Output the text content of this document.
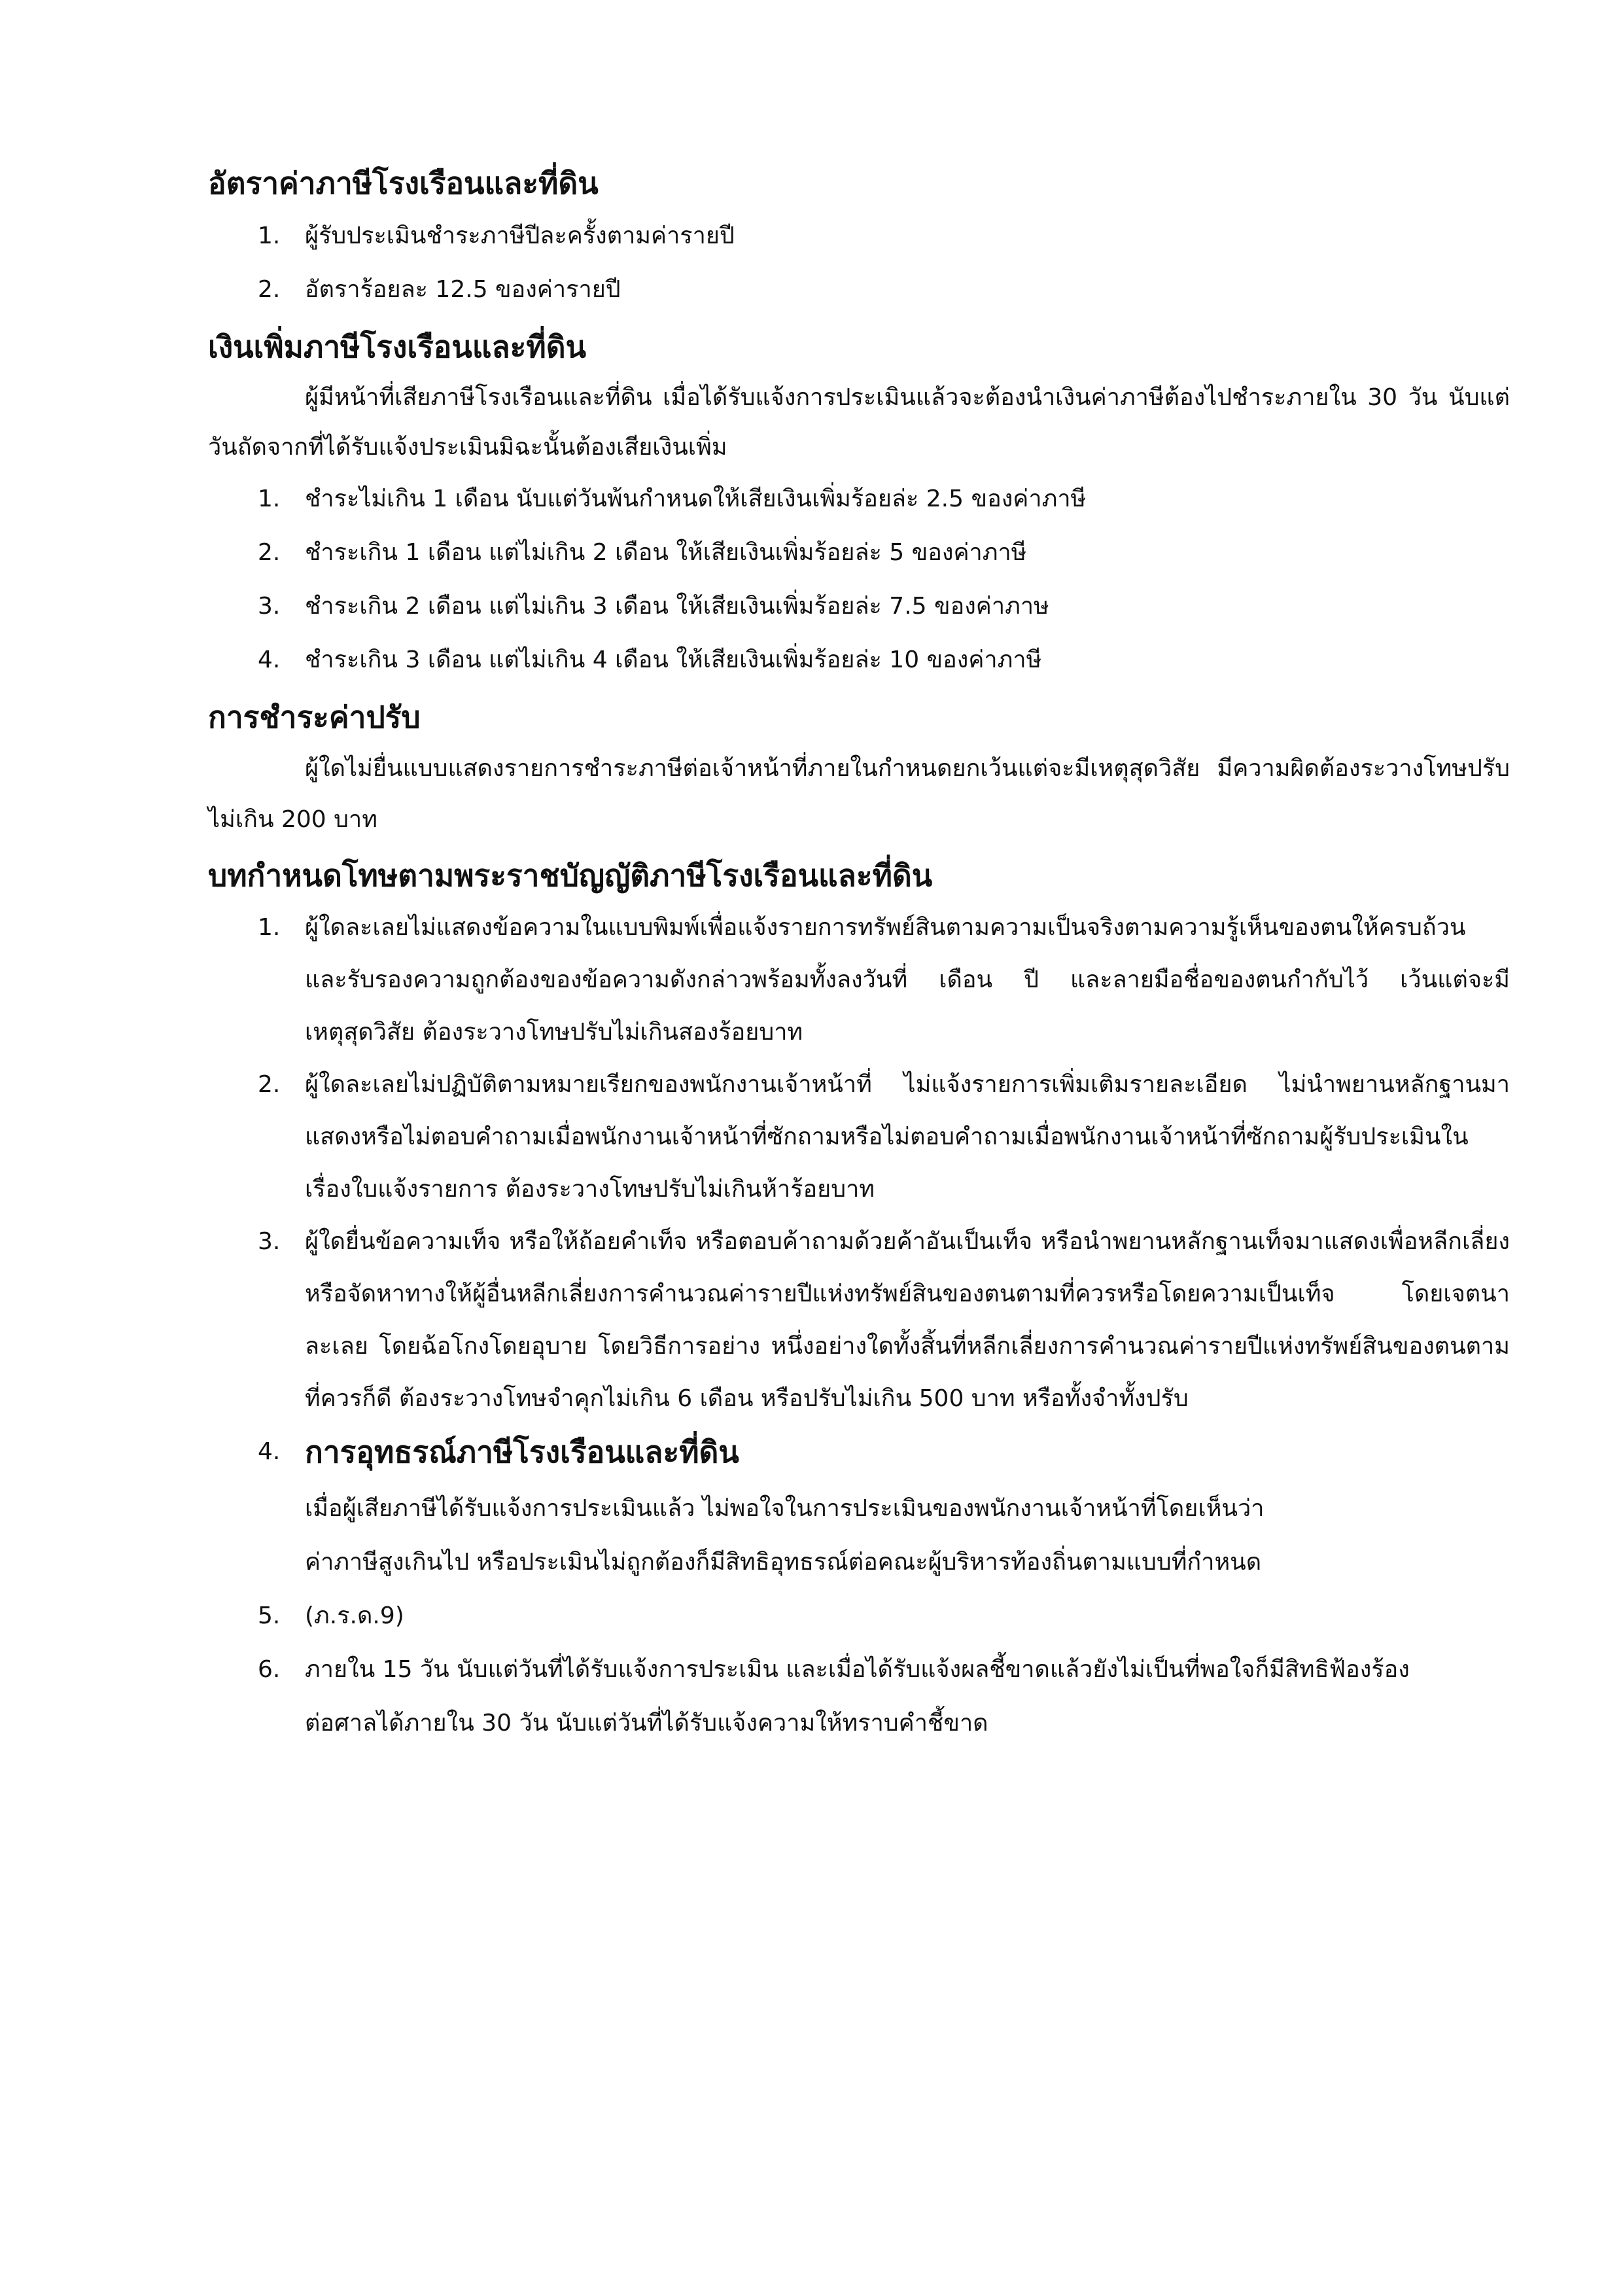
อัตราค่าภาษีโรงเรือนและที่ดิน
1. ผู้รับประเมินชำระภาษีปีละครั้งตามค่ารายปี
2. อัตราร้อยละ 12.5 ของค่ารายปี
เงินเพิ่มภาษีโรงเรือนและที่ดิน

ผู้มีหน้าที่เสียภาษีโรงเรือนและที่ดิน เมื่อได้รับแจ้งการประเมินแล้วจะต้องนำเงินค่าภาษีต้องไปชำระภายใน 30 วัน นับแต่วันถัดจากที่ได้รับแจ้งประเมินมิฉะนั้นต้องเสียเงินเพิ่ม

1. ชำระไม่เกิน 1 เดือน นับแต่วันพ้นกำหนดให้เสียเงินเพิ่มร้อยล่ะ 2.5 ของค่าภาษี
2. ชำระเกิน 1 เดือน แต่ไม่เกิน 2 เดือน ให้เสียเงินเพิ่มร้อยล่ะ 5 ของค่าภาษี
3. ชำระเกิน 2 เดือน แต่ไม่เกิน 3 เดือน ให้เสียเงินเพิ่มร้อยล่ะ 7.5 ของค่าภาษ
4. ชำระเกิน 3 เดือน แต่ไม่เกิน 4 เดือน ให้เสียเงินเพิ่มร้อยล่ะ 10 ของค่าภาษี
การชำระค่าปรับ

ผู้ใดไม่ยื่นแบบแสดงรายการชำระภาษีต่อเจ้าหน้าที่ภายในกำหนดยกเว้นแต่จะมีเหตุสุดวิสัย มีความผิดต้องระวางโทษปรับไม่เกิน 200 บาท

บทกำหนดโทษตามพระราชบัญญัติภาษีโรงเรือนและที่ดิน
1. ผู้ใดละเลยไม่แสดงข้อความในแบบพิมพ์เพื่อแจ้งรายการทรัพย์สินตามความเป็นจริงตามความรู้เห็นของตนให้ครบถ้วน และรับรองความถูกต้องของข้อความดังกล่าวพร้อมทั้งลงวันที่ เดือน ปี และลายมือชื่อของตนกำกับไว้ เว้นแต่จะมีเหตุสุดวิสัย ต้องระวางโทษปรับไม่เกินสองร้อยบาท
2. ผู้ใดละเลยไม่ปฏิบัติตามหมายเรียกของพนักงานเจ้าหน้าที่ ไม่แจ้งรายการเพิ่มเติมรายละเอียด ไม่นำพยานหลักฐานมาแสดงหรือไม่ตอบคำถามเมื่อพนักงานเจ้าหน้าที่ซักถามหรือไม่ตอบคำถามเมื่อพนักงานเจ้าหน้าที่ซักถามผู้รับประเมินในเรื่องใบแจ้งรายการ ต้องระวางโทษปรับไม่เกินห้าร้อยบาท
3. ผู้ใดยื่นข้อความเท็จ หรือให้ถ้อยคำเท็จ หรือตอบค้าถามด้วยค้าอันเป็นเท็จ หรือนำพยานหลักฐานเท็จมาแสดงเพื่อหลีกเลี่ยงหรือจัดหาทางให้ผู้อื่นหลีกเลี่ยงการคำนวณค่ารายปีแห่งทรัพย์สินของตนตามที่ควรหรือโดยความเป็นเท็จ โดยเจตนาละเลย โดยฉ้อโกงโดยอุบาย โดยวิธีการอย่าง หนึ่งอย่างใดทั้งสิ้นที่หลีกเลี่ยงการคำนวณค่ารายปีแห่งทรัพย์สินของตนตามที่ควรก็ดี ต้องระวางโทษจำคุกไม่เกิน 6 เดือน หรือปรับไม่เกิน 500 บาท หรือทั้งจำทั้งปรับ
4. การอุทธรณ์ภาษีโรงเรือนและที่ดิน
เมื่อผู้เสียภาษีได้รับแจ้งการประเมินแล้ว ไม่พอใจในการประเมินของพนักงานเจ้าหน้าที่โดยเห็นว่า
ค่าภาษีสูงเกินไป หรือประเมินไม่ถูกต้องก็มีสิทธิอุทธรณ์ต่อคณะผู้บริหารท้องถิ่นตามแบบที่กำหนด
5. (ภ.ร.ด.9)
6. ภายใน 15 วัน นับแต่วันที่ได้รับแจ้งการประเมิน และเมื่อได้รับแจ้งผลชี้ขาดแล้วยังไม่เป็นที่พอใจก็มีสิทธิฟ้องร้อง
ต่อศาลได้ภายใน 30 วัน นับแต่วันที่ได้รับแจ้งความให้ทราบคำชี้ขาด
